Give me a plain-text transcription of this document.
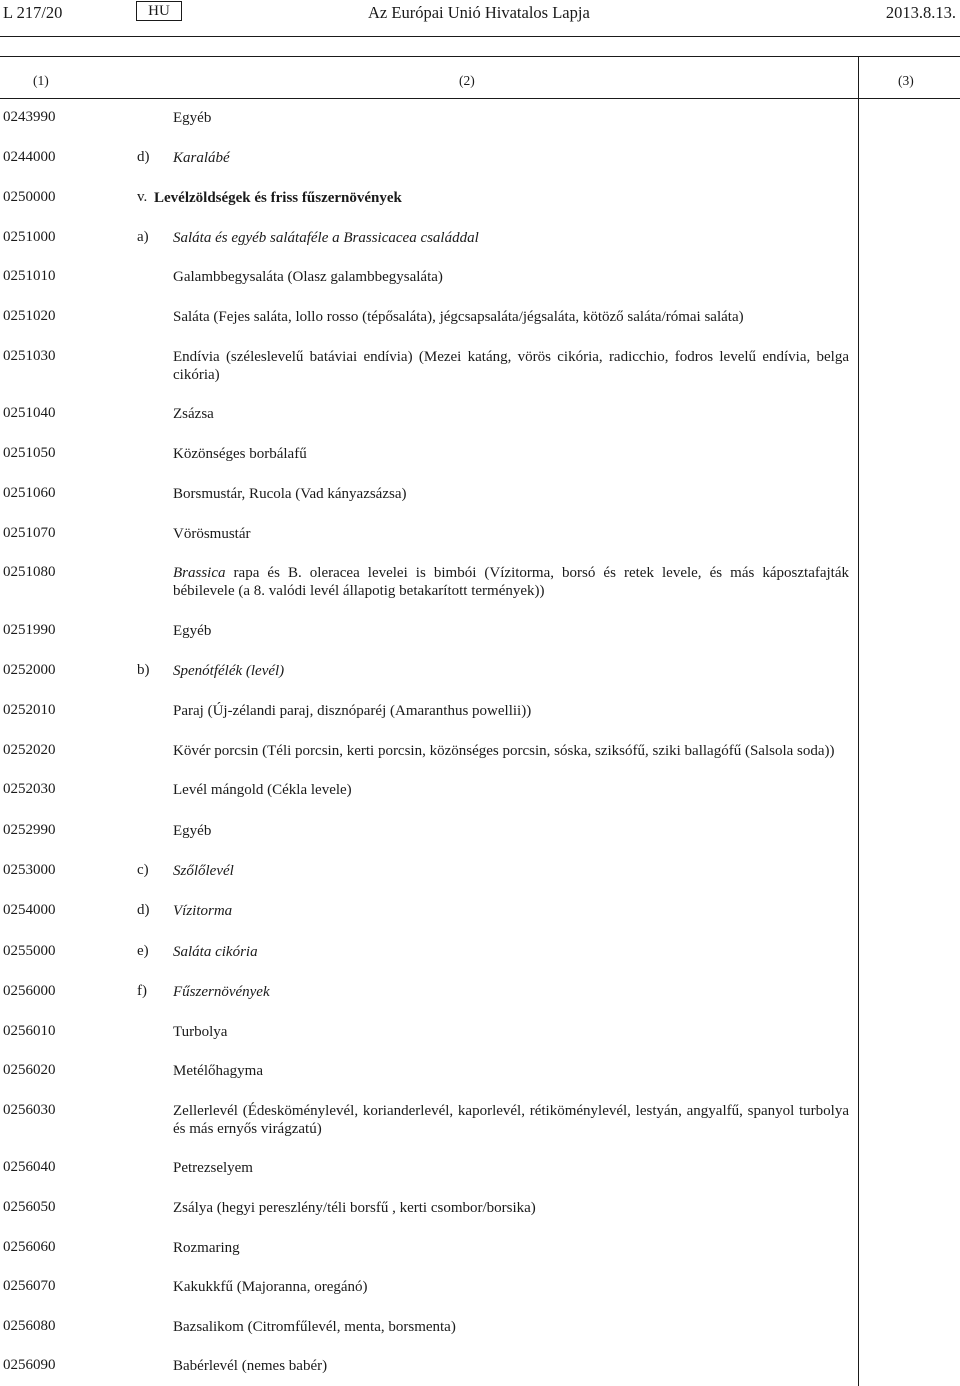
L 217/20	HU	Az Európai Unió Hivatalos Lapja	2013.8.13.
(1)	(2)	(3)
0243990	Egyéb
0244000	d) Karalábé
0250000	v. Levélzöldségek és friss fűszernövények
0251000	a) Saláta és egyéb salátaféle a Brassicacea családdal
0251010	Galambbegysaláta (Olasz galambbegysaláta)
0251020	Saláta (Fejes saláta, lollo rosso (tépősaláta), jégcsapsaláta/jégsaláta, kötöző saláta/római saláta)
0251030	Endívia (széleslevelű batáviai endívia) (Mezei katáng, vörös cikória, radicchio, fodros levelű endívia, belga cikória)
0251040	Zsázsa
0251050	Közönséges borbálafű
0251060	Borsmustár, Rucola (Vad kányazsázsa)
0251070	Vörösmustár
0251080	Brassica rapa és B. oleracea levelei is bimbói (Vízitorma, borsó és retek levele, és más káposztafajták bébilevele (a 8. valódi levél állapotig betakarított termények))
0251990	Egyéb
0252000	b) Spenótfélék (levél)
0252010	Paraj (Új-zélandi paraj, disznóparéj (Amaranthus powellii))
0252020	Kövér porcsin (Téli porcsin, kerti porcsin, közönséges porcsin, sóska, sziksófű, sziki ballagófű (Salsola soda))
0252030	Levél mángold (Cékla levele)
0252990	Egyéb
0253000	c) Szőlőlevél
0254000	d) Vízitorma
0255000	e) Saláta cikória
0256000	f) Fűszernövények
0256010	Turbolya
0256020	Metélőhagyma
0256030	Zellerlevél (Édesköménylevél, korianderlevél, kaporlevél, rétiköménylevél, lestyán, angyalfű, spanyol turbolya és más ernyős virágzatú)
0256040	Petrezselyem
0256050	Zsálya (hegyi pereszlény/téli borsfű , kerti csombor/borsika)
0256060	Rozmaring
0256070	Kakukkfű (Majoranna, oregánó)
0256080	Bazsalikom (Citromfűlevél, menta, borsmenta)
0256090	Babérlevél (nemes babér)
